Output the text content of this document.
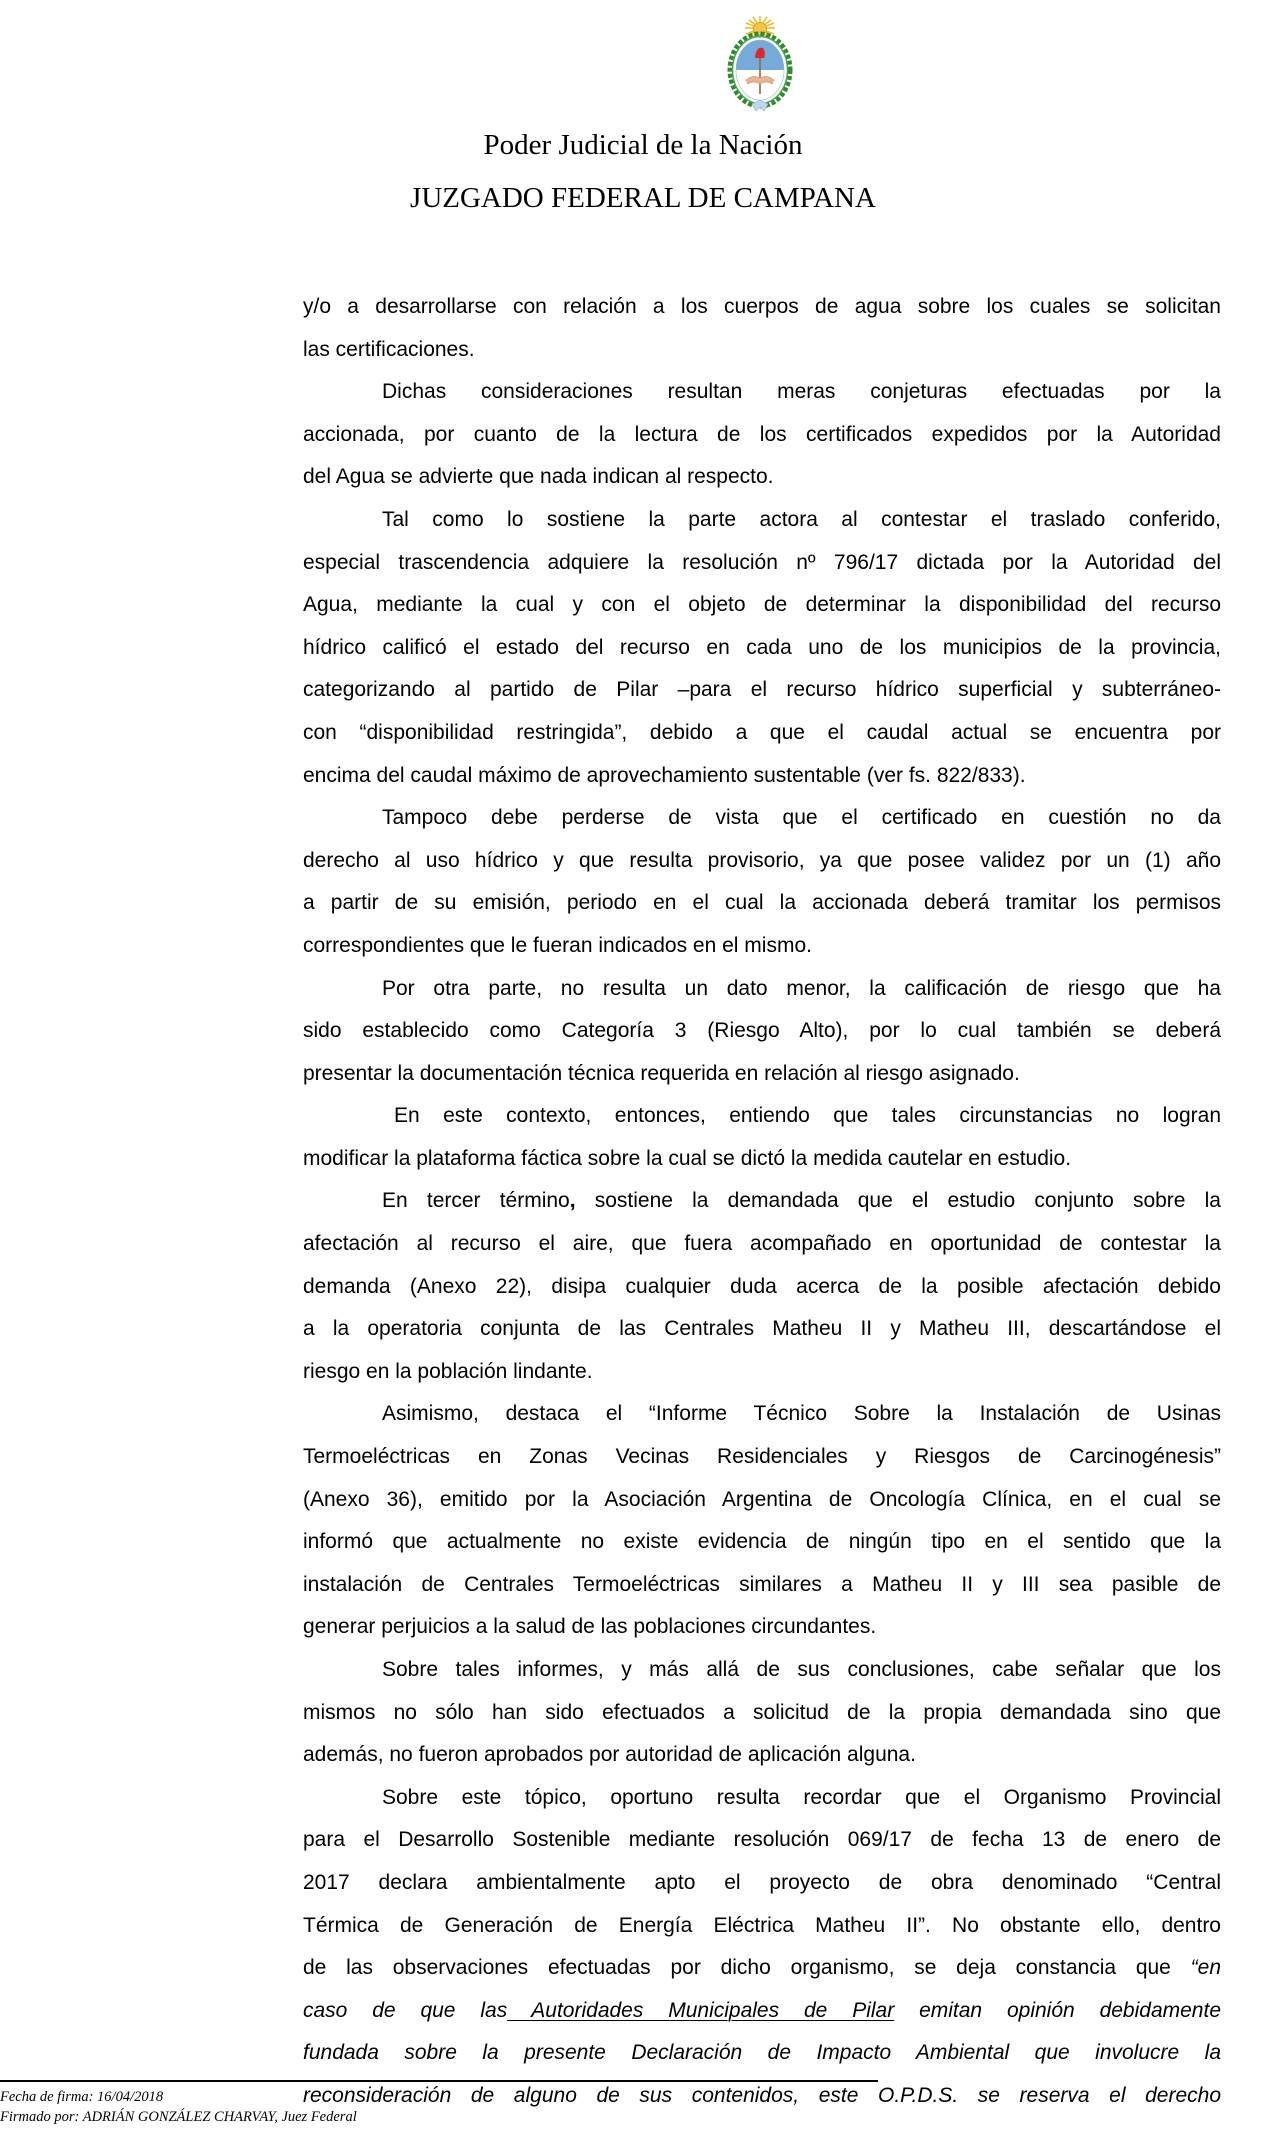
Poder Judicial de la Nación
JUZGADO FEDERAL DE CAMPANA
y/o a desarrollarse con relación a los cuerpos de agua sobre los cuales se solicitan
las certificaciones.
Dichas consideraciones resultan meras conjeturas efectuadas por la
accionada, por cuanto de la lectura de los certificados expedidos por la Autoridad
del Agua se advierte que nada indican al respecto.
Tal como lo sostiene la parte actora al contestar el traslado conferido,
especial trascendencia adquiere la resolución nº 796/17 dictada por la Autoridad del
Agua, mediante la cual y con el objeto de determinar la disponibilidad del recurso
hídrico calificó el estado del recurso en cada uno de los municipios de la provincia,
categorizando al partido de Pilar –para el recurso hídrico superficial y subterráneo-
con “disponibilidad restringida”, debido a que el caudal actual se encuentra por
encima del caudal máximo de aprovechamiento sustentable (ver fs. 822/833).
Tampoco debe perderse de vista que el certificado en cuestión no da
derecho al uso hídrico y que resulta provisorio, ya que posee validez por un (1) año
a partir de su emisión, periodo en el cual la accionada deberá tramitar los permisos
correspondientes que le fueran indicados en el mismo.
Por otra parte, no resulta un dato menor, la calificación de riesgo que ha
sido establecido como Categoría 3 (Riesgo Alto), por lo cual también se deberá
presentar la documentación técnica requerida en relación al riesgo asignado.
En este contexto, entonces, entiendo que tales circunstancias no logran
modificar la plataforma fáctica sobre la cual se dictó la medida cautelar en estudio.
En tercer término, sostiene la demandada que el estudio conjunto sobre la
afectación al recurso el aire, que fuera acompañado en oportunidad de contestar la
demanda (Anexo 22), disipa cualquier duda acerca de la posible afectación debido
a la operatoria conjunta de las Centrales Matheu II y Matheu III, descartándose el
riesgo en la población lindante.
Asimismo, destaca el “Informe Técnico Sobre la Instalación de Usinas
Termoeléctricas en Zonas Vecinas Residenciales y Riesgos de Carcinogénesis”
(Anexo 36), emitido por la Asociación Argentina de Oncología Clínica, en el cual se
informó que actualmente no existe evidencia de ningún tipo en el sentido que la
instalación de Centrales Termoeléctricas similares a Matheu II y III sea pasible de
generar perjuicios a la salud de las poblaciones circundantes.
Sobre tales informes, y más allá de sus conclusiones, cabe señalar que los
mismos no sólo han sido efectuados a solicitud de la propia demandada sino que
además, no fueron aprobados por autoridad de aplicación alguna.
Sobre este tópico, oportuno resulta recordar que el Organismo Provincial
para el Desarrollo Sostenible mediante resolución 069/17 de fecha 13 de enero de
2017 declara ambientalmente apto el proyecto de obra denominado “Central
Térmica de Generación de Energía Eléctrica Matheu II”. No obstante ello, dentro
de las observaciones efectuadas por dicho organismo, se deja constancia que “en
caso de que las Autoridades Municipales de Pilar emitan opinión debidamente
fundada sobre la presente Declaración de Impacto Ambiental que involucre la
reconsideración de alguno de sus contenidos, este O.P.D.S. se reserva el derecho
Fecha de firma: 16/04/2018
Firmado por: ADRIÁN GONZÁLEZ CHARVAY, Juez Federal
